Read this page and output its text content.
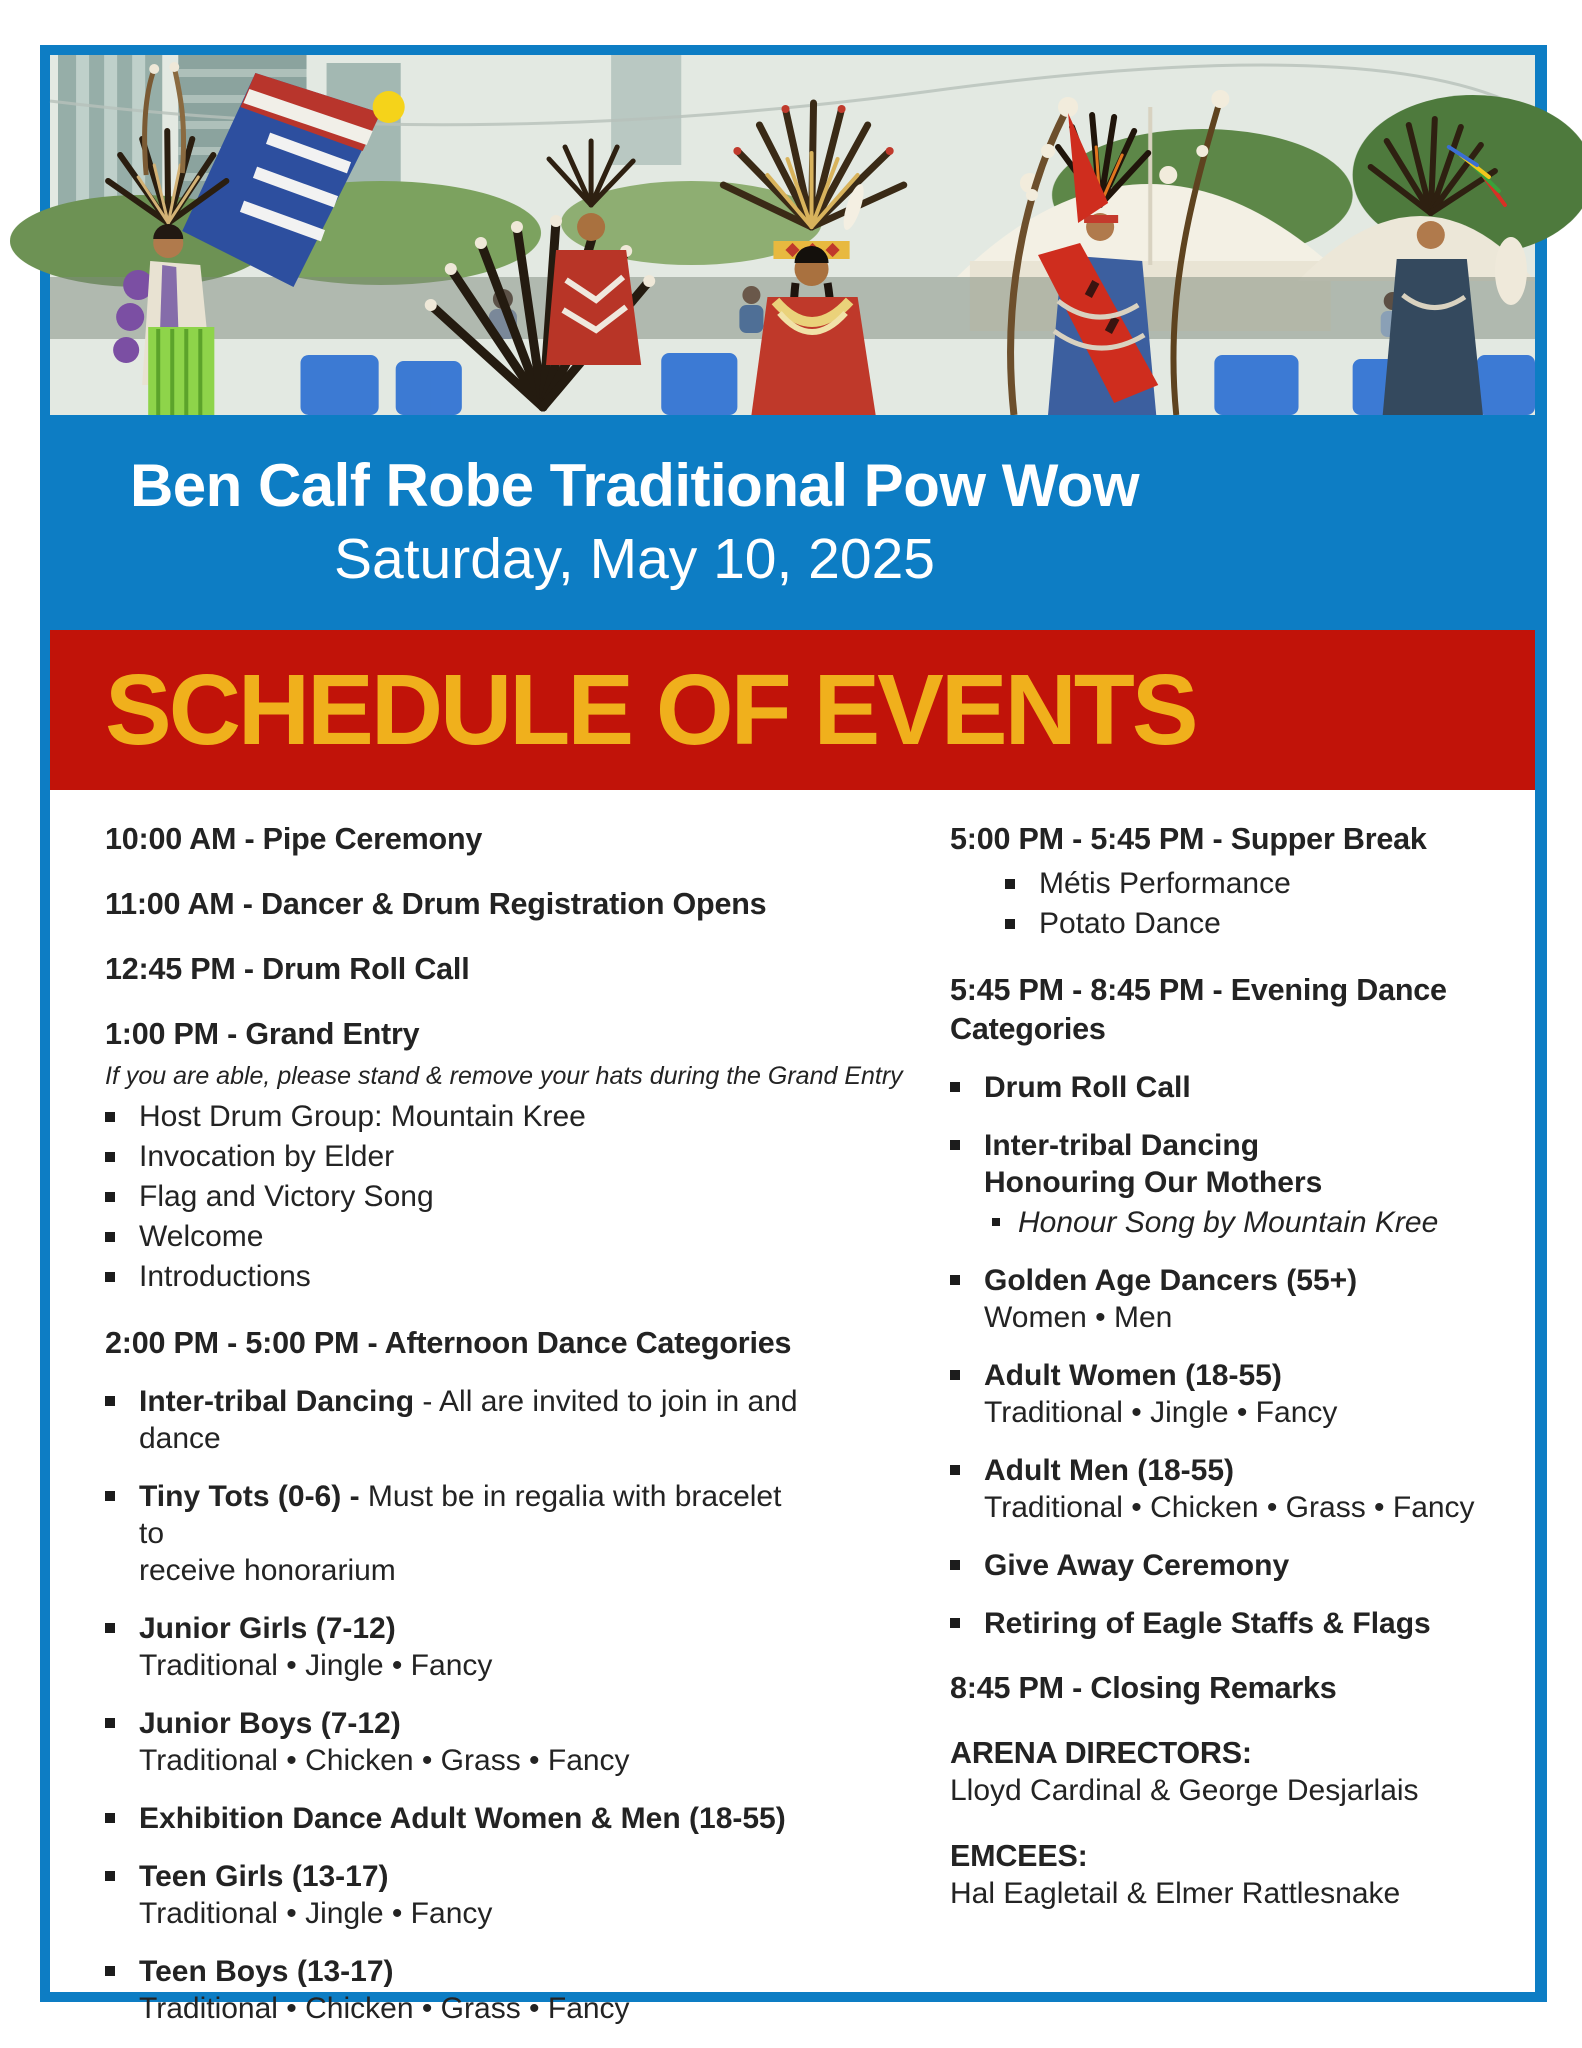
Ben Calf Robe Traditional Pow Wow
Saturday, May 10, 2025
SCHEDULE OF EVENTS
10:00 AM - Pipe Ceremony
11:00 AM - Dancer & Drum Registration Opens
12:45 PM - Drum Roll Call
1:00 PM - Grand Entry
If you are able, please stand & remove your hats during the Grand Entry
Host Drum Group: Mountain Kree
Invocation by Elder
Flag and Victory Song
Welcome
Introductions
2:00 PM - 5:00 PM - Afternoon Dance Categories
Inter-tribal Dancing - All are invited to join in and
dance
Tiny Tots (0-6) - Must be in regalia with bracelet to
receive honorarium
Junior Girls (7-12)
Traditional • Jingle • Fancy
Junior Boys (7-12)
Traditional • Chicken • Grass • Fancy
Exhibition Dance Adult Women & Men (18-55)
Teen Girls (13-17)
Traditional • Jingle • Fancy
Teen Boys (13-17)
Traditional • Chicken • Grass • Fancy
5:00 PM - 5:45 PM - Supper Break
Métis Performance
Potato Dance
5:45 PM - 8:45 PM - Evening Dance
Categories
Drum Roll Call
Inter-tribal Dancing
Honouring Our Mothers
Honour Song by Mountain Kree
Golden Age Dancers (55+)
Women • Men
Adult Women (18-55)
Traditional • Jingle • Fancy
Adult Men (18-55)
Traditional • Chicken • Grass • Fancy
Give Away Ceremony
Retiring of Eagle Staffs & Flags
8:45 PM - Closing Remarks
ARENA DIRECTORS:
Lloyd Cardinal & George Desjarlais
EMCEES:
Hal Eagletail & Elmer Rattlesnake
